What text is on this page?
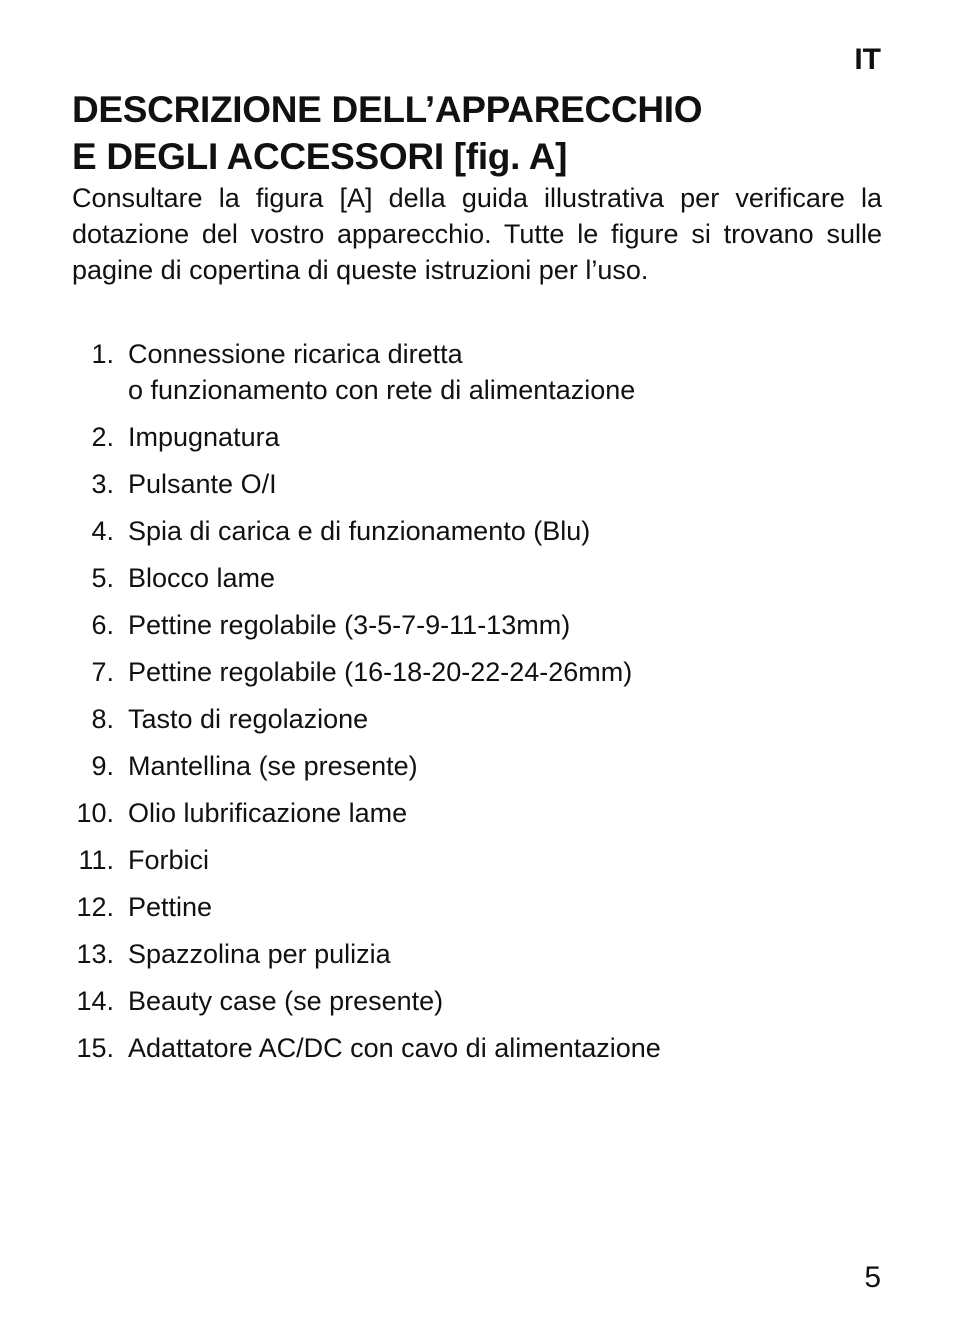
IT
DESCRIZIONE DELL’APPARECCHIO
E DEGLI ACCESSORI [fig. A]

Consultare la figura [A] della guida illustrativa per verificare la dotazione del vostro apparecchio. Tutte le figure si trovano sulle pagine di copertina di queste istruzioni per l’uso.

1. Connessione ricarica diretta
o funzionamento con rete di alimentazione
2. Impugnatura
3. Pulsante O/I
4. Spia di carica e di funzionamento (Blu)
5. Blocco lame
6. Pettine regolabile (3-5-7-9-11-13mm)
7. Pettine regolabile (16-18-20-22-24-26mm)
8. Tasto di regolazione
9. Mantellina (se presente)
10. Olio lubrificazione lame
11. Forbici
12. Pettine
13. Spazzolina per pulizia
14. Beauty case (se presente)
15. Adattatore AC/DC con cavo di alimentazione
5
